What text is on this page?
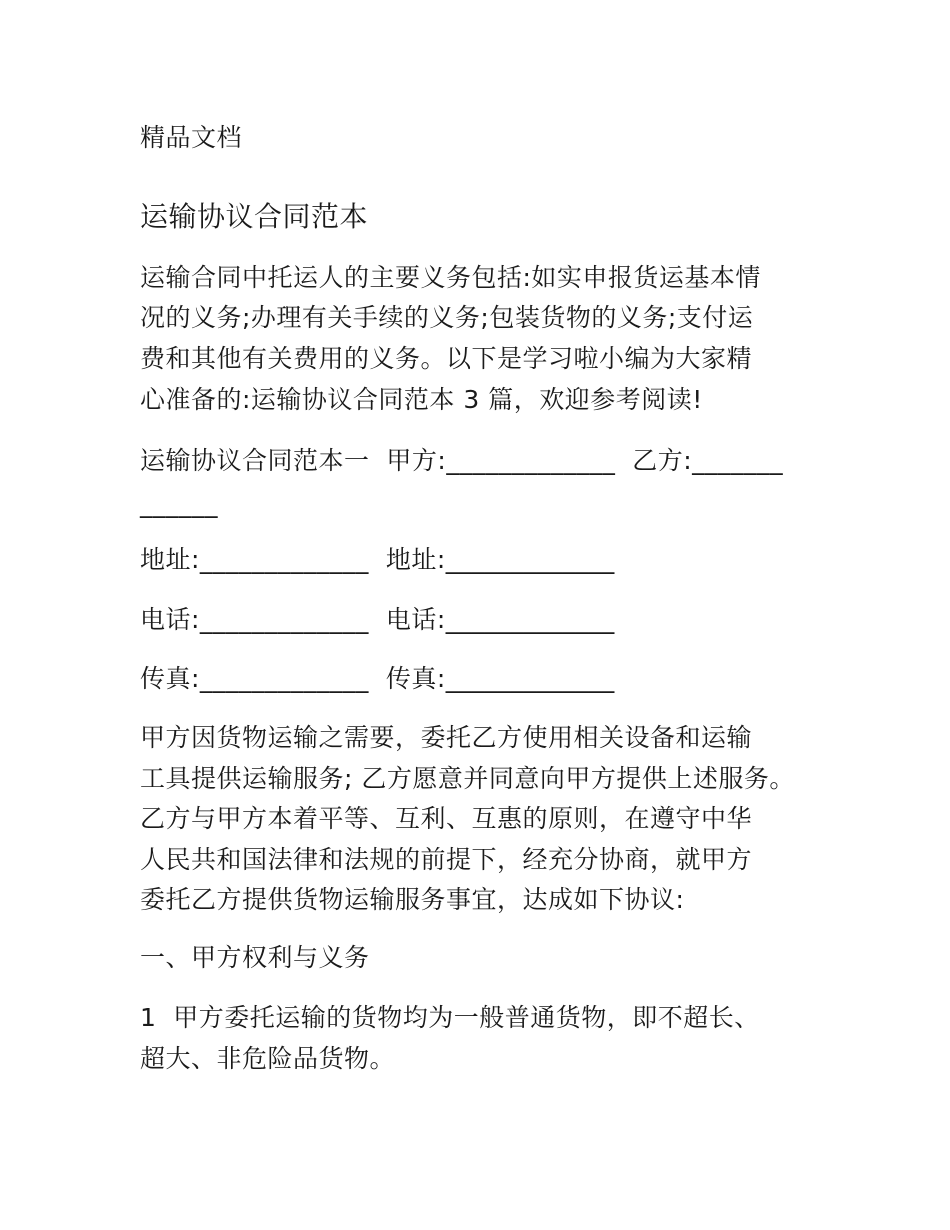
精品文档
运输协议合同范本
运输合同中托运人的主要义务包括:如实申报货运基本情
况的义务;办理有关手续的义务;包装货物的义务;支付运
费和其他有关费用的义务。以下是学习啦小编为大家精
心准备的:运输协议合同范本 3 篇，欢迎参考阅读!
运输协议合同范本一  甲方:_____________  乙方:_______
______
地址:_____________  地址:_____________
电话:_____________  电话:_____________
传真:_____________  传真:_____________
甲方因货物运输之需要，委托乙方使用相关设备和运输
工具提供运输服务; 乙方愿意并同意向甲方提供上述服务。
乙方与甲方本着平等、互利、互惠的原则，在遵守中华
人民共和国法律和法规的前提下，经充分协商，就甲方
委托乙方提供货物运输服务事宜，达成如下协议:
一、甲方权利与义务
1  甲方委托运输的货物均为一般普通货物，即不超长、
超大、非危险品货物。
